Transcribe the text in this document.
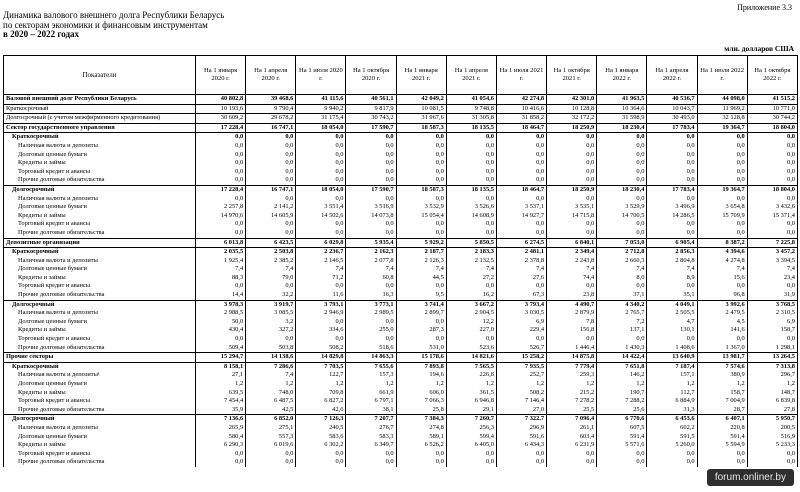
Приложение 3.3
Динамика валового внешнего долга Республики Беларусь
по секторам экономики и финансовым инструментам
в 2020 – 2022 годах
млн. долларов США
Показатели	На 1 января 2020 г.	На 1 апреля 2020 г.	На 1 июля 2020 г.	На 1 октября 2020 г.	На 1 января 2021 г.	На 1 апреля 2021 г.	На 1 июля 2021 г.	На 1 октября 2021 г.	На 1 января 2022 г.	На 1 апреля 2022 г.	На 1 июля 2022 г.	На 1 октября 2022 г.
Валовой внешний долг Республики Беларусь	40 802,8	39 468,6	41 115,6	40 561,1	42 049,2	41 054,6	42 274,8	42 301,0	41 963,5	40 536,7	44 098,0	41 515,2
Краткосрочный	10 193,6	9 790,4	9 940,2	9 817,9	10 081,5	9 748,8	10 416,6	10 128,8	10 364,6	10 043,7	11 969,2	10 771,0
Долгосрочный (с учетом межфирменного кредитования)	30 609,2	29 678,2	31 175,4	30 743,2	31 967,6	31 305,8	31 858,2	32 172,2	31 598,9	30 493,0	32 128,8	30 744,2
Сектор государственного управления	17 228,4	16 747,1	18 054,0	17 590,7	18 587,3	18 135,5	18 464,7	18 250,9	18 230,4	17 783,4	19 364,7	18 804,0
Краткосрочный	0,0	0,0	0,0	0,0	0,0	0,0	0,0	0,0	0,0	0,0	0,0	0,0
Наличная валюта и депозиты	0,0	0,0	0,0	0,0	0,0	0,0	0,0	0,0	0,0	0,0	0,0	0,0
Долговые ценные бумаги	0,0	0,0	0,0	0,0	0,0	0,0	0,0	0,0	0,0	0,0	0,0	0,0
Кредиты и займы	0,0	0,0	0,0	0,0	0,0	0,0	0,0	0,0	0,0	0,0	0,0	0,0
Торговый кредит и авансы	0,0	0,0	0,0	0,0	0,0	0,0	0,0	0,0	0,0	0,0	0,0	0,0
Прочие долговые обязательства	0,0	0,0	0,0	0,0	0,0	0,0	0,0	0,0	0,0	0,0	0,0	0,0
Долгосрочный	17 228,4	16 747,1	18 054,0	17 590,7	18 587,3	18 135,5	18 464,7	18 250,9	18 230,4	17 783,4	19 364,7	18 804,0
Наличная валюта и депозиты	0,0	0,0	0,0	0,0	0,0	0,0	0,0	0,0	0,0	0,0	0,0	0,0
Долговые ценные бумаги	2 257,8	2 141,2	3 551,4	3 516,9	3 532,9	3 526,6	3 537,1	3 535,1	3 529,9	3 496,9	3 654,8	3 432,6
Кредиты и займы	14 970,6	14 605,9	14 502,6	14 073,8	15 054,4	14 608,9	14 927,7	14 715,8	14 700,5	14 286,5	15 709,9	15 371,4
Торговый кредит и авансы	0,0	0,0	0,0	0,0	0,0	0,0	0,0	0,0	0,0	0,0	0,0	0,0
Прочие долговые обязательства	0,0	0,0	0,0	0,0	0,0	0,0	0,0	0,0	0,0	0,0	0,0	0,0
Депозитные организации	6 013,8	6 423,5	6 029,8	5 935,4	5 929,2	5 850,5	6 274,5	6 840,1	7 053,0	6 905,4	8 387,2	7 225,8
Краткосрочный	2 035,5	2 503,8	2 236,7	2 162,3	2 187,7	2 183,3	2 481,1	2 349,4	2 712,8	2 856,3	4 394,6	3 457,2
Наличная валюта и депозиты	1 925,4	2 385,2	2 146,5	2 077,8	2 126,3	2 132,5	2 378,8	2 243,8	2 660,3	2 804,8	4 274,8	3 394,5
Долговые ценные бумаги	7,4	7,4	7,4	7,4	7,4	7,4	7,4	7,4	7,4	7,4	7,4	7,4
Кредиты и займы	88,3	79,0	71,2	60,8	44,5	27,2	27,6	74,4	8,0	8,9	15,6	23,4
Торговый кредит и авансы	0,0	0,0	0,0	0,0	0,0	0,0	0,0	0,0	0,0	0,0	0,0	0,0
Прочие долговые обязательства	14,4	32,2	11,6	16,3	9,5	16,2	67,3	23,8	37,1	35,1	96,8	31,9
Долгосрочный	3 978,3	3 919,7	3 793,1	3 773,1	3 741,4	3 667,2	3 793,4	4 490,7	4 340,2	4 049,1	3 992,6	3 768,5
Наличная валюта и депозиты	2 988,5	3 085,5	2 946,9	2 989,5	2 899,7	2 904,5	3 030,5	2 879,9	2 765,7	2 505,5	2 479,5	2 310,5
Долговые ценные бумаги	50,0	3,2	0,0	0,0	0,0	12,2	6,9	7,8	7,2	4,7	4,5	6,9
Кредиты и займы	430,4	327,2	334,6	255,0	287,3	227,0	229,4	156,8	137,1	130,1	141,6	158,7
Торговый кредит и авансы	0,0	0,0	0,0	0,0	0,0	0,0	0,0	0,0	0,0	0,0	0,0	0,0
Прочие долговые обязательства	509,4	503,8	508,2	518,6	531,0	523,6	526,7	1 446,4	1 430,3	1 408,6	1 367,0	1 298,1
Прочие секторы	15 294,7	14 138,6	14 829,8	14 863,3	15 178,6	14 821,6	15 258,2	14 875,8	14 422,4	13 640,9	13 981,7	13 264,5
Краткосрочный	8 158,1	7 286,6	7 703,5	7 655,6	7 893,8	7 565,5	7 935,5	7 779,4	7 651,8	7 187,4	7 574,6	7 313,8
Наличная валюта и депозиты¹	27,1	7,4	122,7	157,3	194,6	226,8	252,7	259,3	146,2	157,1	380,9	296,7
Долговые ценные бумаги	1,2	1,2	1,2	1,2	1,2	1,2	1,2	1,2	1,2	1,2	1,2	1,2
Кредиты и займы	639,5	748,0	709,8	661,9	606,0	361,5	508,2	215,2	190,7	112,7	158,7	148,7
Торговый кредит и авансы	7 454,4	6 487,5	6 827,2	6 797,1	7 066,3	6 946,8	7 146,4	7 278,2	7 288,2	6 884,9	7 004,9	6 839,8
Прочие долговые обязательства	35,9	42,5	42,6	38,1	25,8	29,1	27,0	25,5	25,6	31,3	28,7	27,8
Долгосрочный	7 136,6	6 852,0	7 126,3	7 207,7	7 384,3	7 260,7	7 322,7	7 096,4	6 770,6	6 453,6	6 407,1	5 950,7
Наличная валюта и депозиты	265,9	275,1	240,5	276,7	274,8	256,3	296,9	261,1	607,5	602,2	220,8	200,5
Долговые ценные бумаги	580,4	557,3	583,6	583,3	589,1	599,4	591,6	603,4	591,4	591,5	591,4	516,9
Кредиты и займы	6 290,3	6 019,6	6 302,2	6 349,7	6 526,2	6 405,0	6 434,3	6 231,9	5 571,6	5 260,0	5 594,9	5 233,3
Торговый кредит и авансы	0,0	0,0	0,0	0,0	0,0	0,0	0,0	0,0	0,0	0,0	0,0	0,0
Прочие долговые обязательства	0,0	0,0	0,0	0,0	0,0	0,0	0,0	0,0	0,0	0,0	0,0	0,0
forum.onliner.by
